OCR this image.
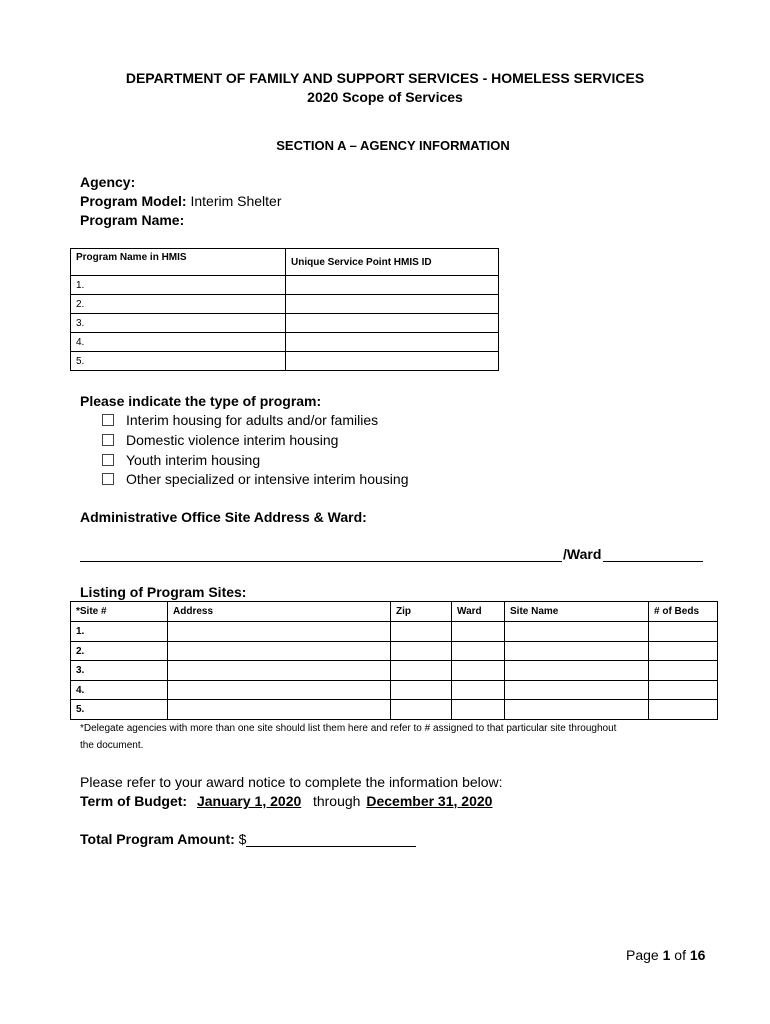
DEPARTMENT OF FAMILY AND SUPPORT SERVICES - HOMELESS SERVICES
2020 Scope of Services
SECTION A – AGENCY INFORMATION
Agency:
Program Model: Interim Shelter
Program Name:
Program Name in HMIS	Unique Service Point HMIS ID
1.	
2.	
3.	
4.	
5.	
Please indicate the type of program:
Interim housing for adults and/or families
Domestic violence interim housing
Youth interim housing
Other specialized or intensive interim housing
Administrative Office Site Address & Ward:
/Ward
Listing of Program Sites:
*Site #	Address	Zip	Ward	Site Name	# of Beds
1.					
2.					
3.					
4.					
5.					
*Delegate agencies with more than one site should list them here and refer to # assigned to that particular site throughout
the document.
Please refer to your award notice to complete the information below:
Term of Budget: January 1, 2020 through December 31, 2020
Total Program Amount: $
Page 1 of 16
